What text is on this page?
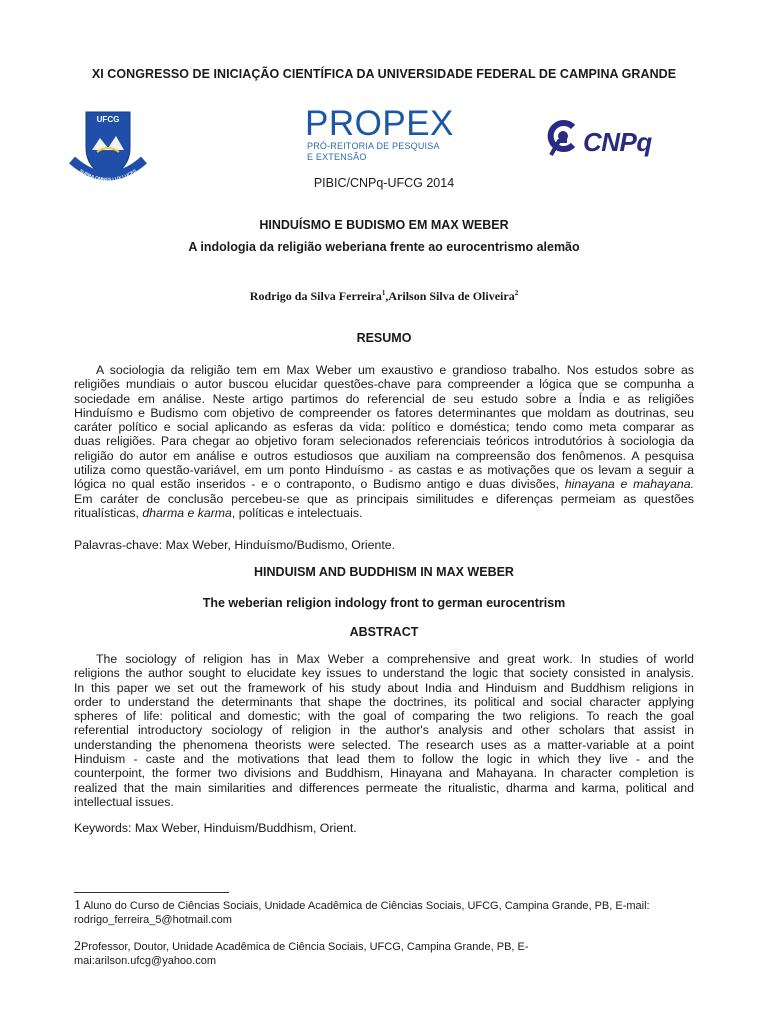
XI CONGRESSO DE INICIAÇÃO CIENTÍFICA DA UNIVERSIDADE FEDERAL DE CAMPINA GRANDE
UFCG
SUPRA OMNES LUX LUCES
PROPEX
PRÓ-REITORIA DE PESQUISA
E EXTENSÃO	CNPq
PIBIC/CNPq-UFCG 2014
HINDUÍSMO E BUDISMO EM MAX WEBER
A indologia da religião weberiana frente ao eurocentrismo alemão
Rodrigo da Silva Ferreira$^1$,Arilson Silva de Oliveira$^2$
RESUMO
A sociologia da religião tem em Max Weber um exaustivo e grandioso trabalho. Nos estudos sobre as
religiões mundiais o autor buscou elucidar questões-chave para compreender a lógica que se compunha a
sociedade em análise. Neste artigo partimos do referencial de seu estudo sobre a Índia e as religiões
Hinduísmo e Budismo com objetivo de compreender os fatores determinantes que moldam as doutrinas, seu
caráter político e social aplicando as esferas da vida: político e doméstica; tendo como meta comparar as
duas religiões. Para chegar ao objetivo foram selecionados referenciais teóricos introdutórios à sociologia da
religião do autor em análise e outros estudiosos que auxiliam na compreensão dos fenômenos. A pesquisa
utiliza como questão-variável, em um ponto Hinduísmo - as castas e as motivações que os levam a seguir a
lógica no qual estão inseridos - e o contraponto, o Budismo antigo e duas divisões, hinayana e mahayana.
Em caráter de conclusão percebeu-se que as principais similitudes e diferenças permeiam as questões
ritualísticas, dharma e karma, políticas e intelectuais.
Palavras-chave: Max Weber, Hinduísmo/Budismo, Oriente.
HINDUISM AND BUDDHISM IN MAX WEBER
The weberian religion indology front to german eurocentrism
ABSTRACT
The sociology of religion has in Max Weber a comprehensive and great work. In studies of world
religions the author sought to elucidate key issues to understand the logic that society consisted in analysis.
In this paper we set out the framework of his study about India and Hinduism and Buddhism religions in
order to understand the determinants that shape the doctrines, its political and social character applying
spheres of life: political and domestic; with the goal of comparing the two religions. To reach the goal
referential introductory sociology of religion in the author's analysis and other scholars that assist in
understanding the phenomena theorists were selected. The research uses as a matter-variable at a point
Hinduism - caste and the motivations that lead them to follow the logic in which they live - and the
counterpoint, the former two divisions and Buddhism, Hinayana and Mahayana. In character completion is
realized that the main similarities and differences permeate the ritualistic, dharma and karma, political and
intellectual issues.
Keywords: Max Weber, Hinduism/Buddhism, Orient.
1 Aluno do Curso de Ciências Sociais, Unidade Acadêmica de Ciências Sociais, UFCG, Campina Grande, PB, E-mail:
rodrigo_ferreira_5@hotmail.com
2Professor, Doutor, Unidade Acadêmica de Ciência Sociais, UFCG, Campina Grande, PB, E-
mai:arilson.ufcg@yahoo.com
